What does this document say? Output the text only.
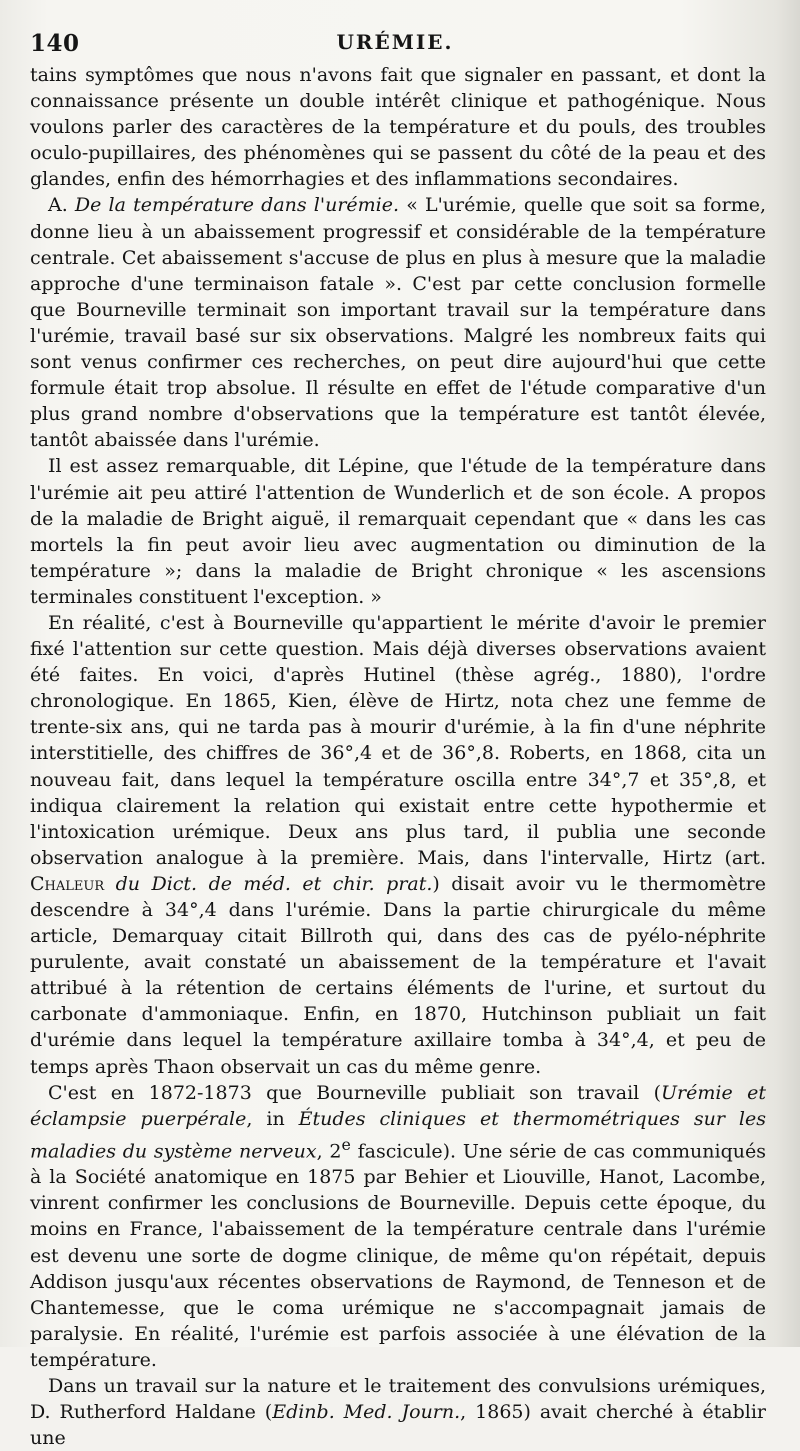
140	URÉMIE.

tains symptômes que nous n'avons fait que signaler en passant, et dont la connaissance présente un double intérêt clinique et pathogénique. Nous voulons parler des caractères de la température et du pouls, des troubles oculo-pupillaires, des phénomènes qui se passent du côté de la peau et des glandes, enfin des hémorrhagies et des inflammations secondaires.

A. De la température dans l'urémie. « L'urémie, quelle que soit sa forme, donne lieu à un abaissement progressif et considérable de la température centrale. Cet abaissement s'accuse de plus en plus à mesure que la maladie approche d'une terminaison fatale ». C'est par cette conclusion formelle que Bourneville terminait son important travail sur la température dans l'urémie, travail basé sur six observations. Malgré les nombreux faits qui sont venus confirmer ces recherches, on peut dire aujourd'hui que cette formule était trop absolue. Il résulte en effet de l'étude comparative d'un plus grand nombre d'observations que la température est tantôt élevée, tantôt abaissée dans l'urémie.

Il est assez remarquable, dit Lépine, que l'étude de la température dans l'urémie ait peu attiré l'attention de Wunderlich et de son école. A propos de la maladie de Bright aiguë, il remarquait cependant que « dans les cas mortels la fin peut avoir lieu avec augmentation ou diminution de la température »; dans la maladie de Bright chronique « les ascensions terminales constituent l'exception. »

En réalité, c'est à Bourneville qu'appartient le mérite d'avoir le premier fixé l'attention sur cette question. Mais déjà diverses observations avaient été faites. En voici, d'après Hutinel (thèse agrég., 1880), l'ordre chronologique. En 1865, Kien, élève de Hirtz, nota chez une femme de trente-six ans, qui ne tarda pas à mourir d'urémie, à la fin d'une néphrite interstitielle, des chiffres de 36°,4 et de 36°,8. Roberts, en 1868, cita un nouveau fait, dans lequel la température oscilla entre 34°,7 et 35°,8, et indiqua clairement la relation qui existait entre cette hypothermie et l'intoxication urémique. Deux ans plus tard, il publia une seconde observation analogue à la première. Mais, dans l'intervalle, Hirtz (art. Chaleur du Dict. de méd. et chir. prat.) disait avoir vu le thermomètre descendre à 34°,4 dans l'urémie. Dans la partie chirurgicale du même article, Demarquay citait Billroth qui, dans des cas de pyélo-néphrite purulente, avait constaté un abaissement de la température et l'avait attribué à la rétention de certains éléments de l'urine, et surtout du carbonate d'ammoniaque. Enfin, en 1870, Hutchinson publiait un fait d'urémie dans lequel la température axillaire tomba à 34°,4, et peu de temps après Thaon observait un cas du même genre.

C'est en 1872-1873 que Bourneville publiait son travail (Urémie et éclampsie puerpérale, in Études cliniques et thermométriques sur les maladies du système nerveux, 2e fascicule). Une série de cas communiqués à la Société anatomique en 1875 par Behier et Liouville, Hanot, Lacombe, vinrent confirmer les conclusions de Bourneville. Depuis cette époque, du moins en France, l'abaissement de la température centrale dans l'urémie est devenu une sorte de dogme clinique, de même qu'on répétait, depuis Addison jusqu'aux récentes observations de Raymond, de Tenneson et de Chantemesse, que le coma urémique ne s'accompagnait jamais de paralysie. En réalité, l'urémie est parfois associée à une élévation de la température.

Dans un travail sur la nature et le traitement des convulsions urémiques, D. Rutherford Haldane (Edinb. Med. Journ., 1865) avait cherché à établir une
